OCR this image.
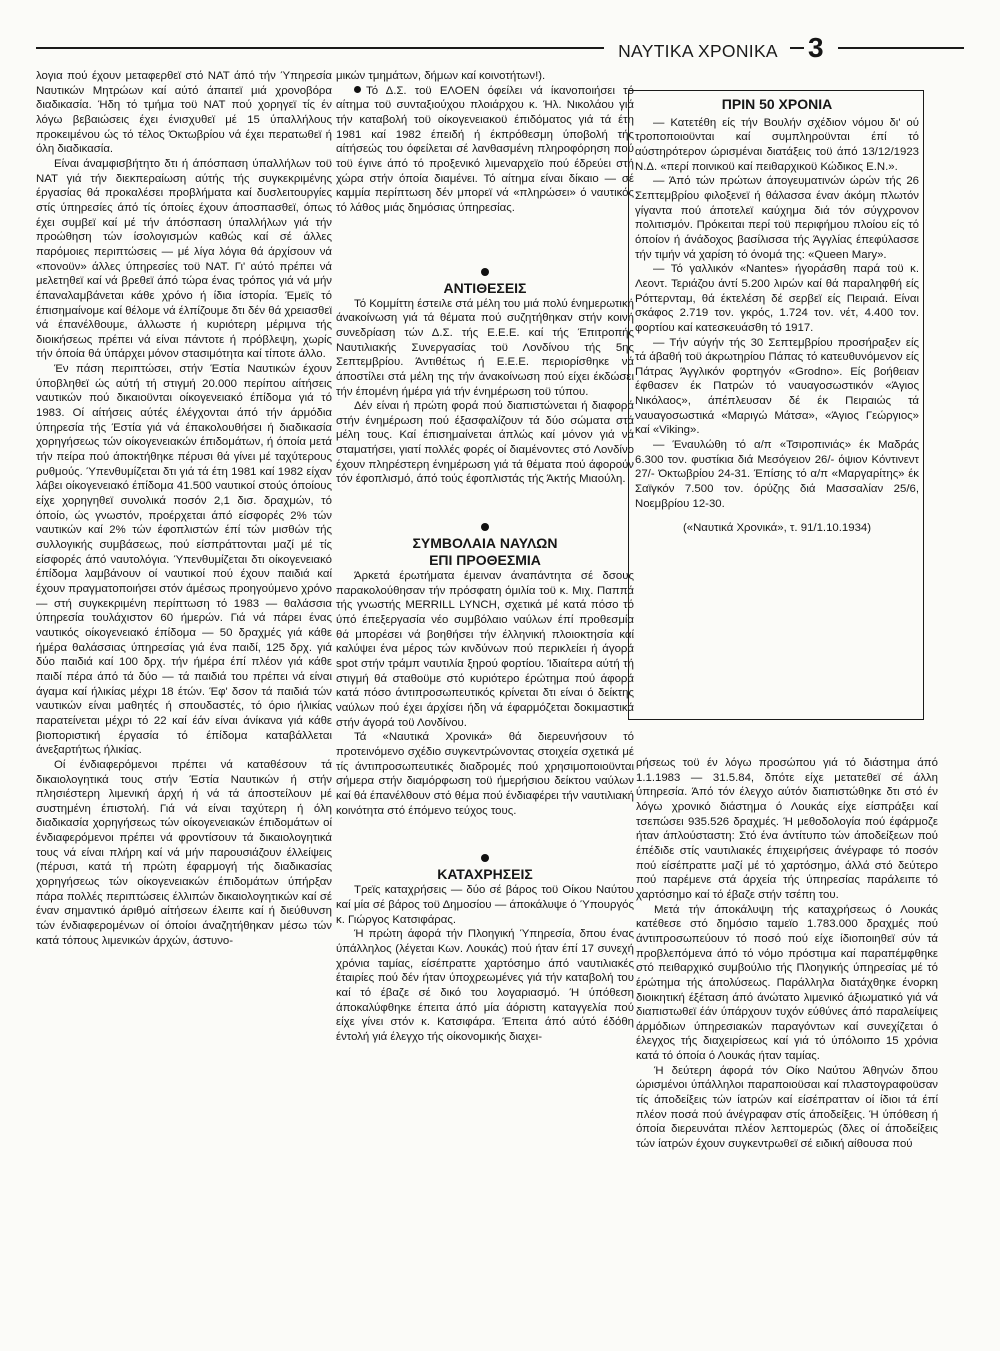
ΝΑΥΤΙΚΑ ΧΡΟΝΙΚΑ 3

λογια πού έχουν μεταφερθεϊ στό ΝΑΤ άπό τήν Ύπηρεσία Ναυτικών Μητρώων καί αύτό άπαιτεϊ μιά χρονοβόρα διαδικασία. Ήδη τό τμήμα τοϋ ΝΑΤ πού χορηγεϊ τίς έν λόγω βεβαιώσεις έχει ένισχυθεϊ μέ 15 ύπαλλήλους προκειμένου ώς τό τέλος Όκτωβρίου νά έχει περατωθεϊ ή όλη διαδικασία.

Είναι άναμφισβήτητο δτι ή άπόσπαση ύπαλλήλων τοϋ ΝΑΤ γιά τήν διεκπεραίωση αύτής τής συγκεκριμένης έργασίας θά προκαλέσει προβλήματα καί δυσλειτουργίες στίς ύπηρεσίες άπό τίς όποίες έχουν άποσπασθεϊ, όπως έχει συμβεϊ καί μέ τήν άπόσπαση ύπαλλήλων γιά τήν προώθηση τών ίσολογισμών καθώς καί σέ άλλες παρόμοιες περιπτώσεις — μέ λίγα λόγια θά άρχίσουν νά «πονοϋν» άλλες ύπηρεσίες τοϋ ΝΑΤ. Γι' αύτό πρέπει νά μελετηθεϊ καί νά βρεθεϊ άπό τώρα ένας τρόπος γιά νά μήν έπαναλαμβάνεται κάθε χρόνο ή ίδια ίστορία. Έμεϊς τό έπισημαίνομε καί θέλομε νά έλπίζουμε δτι δέν θά χρειασθεϊ νά έπανέλθουμε, άλλωστε ή κυριότερη μέριμνα τής διοικήσεως πρέπει νά είναι πάντοτε ή πρόβλεψη, χωρίς τήν όποία θά ύπάρχει μόνον στασιμότητα καί τίποτε άλλο.

Έν πάση περιπτώσει, στήν Έστία Ναυτικών έχουν ύποβληθεϊ ώς αύτή τή στιγμή 20.000 περίπου αίτήσεις ναυτικών πού δικαιοϋνται οίκογενειακό έπίδομα γιά τό 1983. Οί αίτήσεις αύτές έλέγχονται άπό τήν άρμόδια ύπηρεσία τής Έστία γιά νά έπακολουθήσει ή διαδικασία χορηγήσεως τών οίκογενειακών έπιδομάτων, ή όποία μετά τήν πείρα πού άποκτήθηκε πέρυσι θά γίνει μέ ταχύτερους ρυθμούς. Ύπενθυμίζεται δτι γιά τά έτη 1981 καί 1982 είχαν λάβει οίκογενειακό έπίδομα 41.500 ναυτικοί στούς όποίους είχε χορηγηθεϊ συνολικά ποσόν 2,1 δισ. δραχμών, τό όποίο, ώς γνωστόν, προέρχεται άπό είσφορές 2% τών ναυτικών καί 2% τών έφοπλιστών έπί τών μισθών τής συλλογικής συμβάσεως, πού είσπράττονται μαζί μέ τίς είσφορές άπό ναυτολόγια. Ύπενθυμίζεται δτι οίκογενειακό έπίδομα λαμβάνουν οί ναυτικοί πού έχουν παιδιά καί έχουν πραγματοποιήσει στόν άμέσως προηγούμενο χρόνο — στή συγκεκριμένη περίπτωση τό 1983 — θαλάσσια ύπηρεσία τουλάχιστον 60 ήμερών. Γιά νά πάρει ένας ναυτικός οίκογενειακό έπίδομα — 50 δραχμές γιά κάθε ήμέρα θαλάσσιας ύπηρεσίας γιά ένα παιδί, 125 δρχ. γιά δύο παιδιά καί 100 δρχ. τήν ήμέρα έπί πλέον γιά κάθε παιδί πέρα άπό τά δύο — τά παιδιά του πρέπει νά είναι άγαμα καί ήλικίας μέχρι 18 έτών. Έφ' δσον τά παιδιά τών ναυτικών είναι μαθητές ή σπουδαστές, τό όριο ήλικίας παρατείνεται μέχρι τό 22 καί έάν είναι άνίκανα γιά κάθε βιοποριστική έργασία τό έπίδομα καταβάλλεται άνεξαρτήτως ήλικίας.

Οί ένδιαφερόμενοι πρέπει νά καταθέσουν τά δικαιολογητικά τους στήν Έστία Ναυτικών ή στήν πλησιέστερη λιμενική άρχή ή νά τά άποστείλουν μέ συστημένη έπιστολή. Γιά νά είναι ταχύτερη ή όλη διαδικασία χορηγήσεως τών οίκογενειακών έπιδομάτων οί ένδιαφερόμενοι πρέπει νά φροντίσουν τά δικαιολογητικά τους νά είναι πλήρη καί νά μήν παρουσιάζουν έλλείψεις (πέρυσι, κατά τή πρώτη έφαρμογή τής διαδικασίας χορηγήσεως τών οίκογενειακών έπιδομάτων ύπήρξαν πάρα πολλές περιπτώσεις έλλιπών δικαιολογητικών καί σέ έναν σημαντικό άριθμό αίτήσεων έλειπε καί ή διεύθυνση τών ένδιαφερομένων οί όποίοι άναζητήθηκαν μέσω τών κατά τόπους λιμενικών άρχών, άστυνο-

μικών τμημάτων, δήμων καί κοινοτήτων!).

Τό Δ.Σ. τοϋ ΕΛΟΕΝ όφείλει νά ίκανοποιήσει τό αίτημα τοϋ συνταξιούχου πλοιάρχου κ. Ήλ. Νικολάου γιά τήν καταβολή τοϋ οίκογενειακοϋ έπιδόματος γιά τά έτη 1981 καί 1982 έπειδή ή έκπρόθεσμη ύποβολή τής αίτήσεώς του όφείλεται σέ λανθασμένη πληροφόρηση πού τοϋ έγινε άπό τό προξενικό λιμεναρχεϊο πού έδρεύει στή χώρα στήν όποία διαμένει. Τό αίτημα είναι δίκαιο — σέ καμμία περίπτωση δέν μπορεϊ νά «πληρώσει» ό ναυτικός τό λάθος μιάς δημόσιας ύπηρεσίας.

ΑΝΤΙΘΕΣΕΙΣ

Τό Κομμίττη έστειλε στά μέλη του μιά πολύ ένημερωτική άνακοίνωση γιά τά θέματα πού συζητήθηκαν στήν κοινή συνεδρίαση τών Δ.Σ. τής Ε.Ε.Ε. καί τής Έπιτροπής Ναυτιλιακής Συνεργασίας τοϋ Λονδίνου τής 5ης Σεπτεμβρίου. Άντιθέτως ή Ε.Ε.Ε. περιορίσθηκε νά άποστίλει στά μέλη της τήν άνακοίνωση πού είχει έκδώσει τήν έπομένη ήμέρα γιά τήν ένημέρωση τοϋ τύπου.

Δέν είναι ή πρώτη φορά πού διαπιστώνεται ή διαφορά στήν ένημέρωση πού έξασφαλίζουν τά δύο σώματα στά μέλη τους. Καί έπισημαίνεται άπλώς καί μόνον γιά νά σταματήσει, γιατί πολλές φορές οί διαμένοντες στό Λονδίνο έχουν πληρέστερη ένημέρωση γιά τά θέματα πού άφορούν τόν έφοπλισμό, άπό τούς έφοπλιστάς τής Άκτής Μιαούλη.

ΣΥΜΒΟΛΑΙΑ ΝΑΥΛΩΝ
ΕΠΙ ΠΡΟΘΕΣΜΙΑ

Άρκετά έρωτήματα έμειναν άναπάντητα σέ δσους παρακολούθησαν τήν πρόσφατη όμιλία τοϋ κ. Μιχ. Παππά τής γνωστής MERRILL LYNCH, σχετικά μέ κατά πόσο τό ύπό έπεξεργασία νέο συμβόλαιο ναύλων έπί προθεσμία θά μπορέσει νά βοηθήσει τήν έλληνική πλοιοκτησία καί καλύψει ένα μέρος τών κινδύνων πού περικλείει ή άγορά spot στήν τράμπ ναυτιλία ξηρού φορτίου. Ίδιαίτερα αύτή τή στιγμή θά σταθοϋμε στό κυριότερο έρώτημα πού άφορά κατά πόσο άντιπροσωπευτικός κρίνεται δτι είναι ό δείκτης ναύλων πού έχει άρχίσει ήδη νά έφαρμόζεται δοκιμαστικά στήν άγορά τοϋ Λονδίνου.

Τά «Ναυτικά Χρονικά» θά διερευνήσουν τό προτεινόμενο σχέδιο συγκεντρώνοντας στοιχεία σχετικά μέ τίς άντιπροσωπευτικές διαδρομές πού χρησιμοποιοϋνται σήμερα στήν διαμόρφωση τοϋ ήμερήσιου δείκτου ναύλων καί θά έπανέλθουν στό θέμα πού ένδιαφέρει τήν ναυτιλιακή κοινότητα στό έπόμενο τεύχος τους.

ΚΑΤΑΧΡΗΣΕΙΣ

Τρεϊς καταχρήσεις — δύο σέ βάρος τοϋ Οίκου Ναύτου καί μία σέ βάρος τοϋ Δημοσίου — άποκάλυψε ό Ύπουργός κ. Γιώργος Κατσιφάρας.

Ή πρώτη άφορά τήν Πλοηγική Ύπηρεσία, δπου ένας ύπάλληλος (λέγεται Κων. Λουκάς) πού ήταν έπί 17 συνεχή χρόνια ταμίας, είσέπραττε χαρτόσημο άπό ναυτιλιακές έταιρίες πού δέν ήταν ύποχρεωμένες γιά τήν καταβολή του καί τό έβαζε σέ δικό του λογαριασμό. Ή ύπόθεση άποκαλύφθηκε έπειτα άπό μία άόριστη καταγγελία πού είχε γίνει στόν κ. Κατσιφάρα. Έπειτα άπό αύτό έδόθη έντολή γιά έλεγχο τής οίκονομικής διαχει-

ΠΡΙΝ 50 ΧΡΟΝΙΑ

— Κατετέθη είς τήν Βουλήν σχέδιον νόμου δι' ού τροποποιοϋνται καί συμπληροϋνται έπί τό αύστηρότερον ώρισμέναι διατάξεις τοϋ άπό 13/12/1923 Ν.Δ. «περί ποινικοϋ καί πειθαρχικοϋ Κώδικος Ε.Ν.».

— Άπό τών πρώτων άπογευματινών ώρών τής 26 Σεπτεμβρίου φιλοξενεϊ ή θάλασσα έναν άκόμη πλωτόν γίγαντα πού άποτελεϊ καύχημα διά τόν σύγχρονον πολιτισμόν. Πρόκειται περί τοϋ περιφήμου πλοίου είς τό όποίον ή άνάδοχος βασίλισσα τής Άγγλίας έπεφύλασσε τήν τιμήν νά χαρίση τό όνομά της: «Queen Mary».

— Τό γαλλικόν «Nantes» ήγοράσθη παρά τοϋ κ. Λεοντ. Τεριάζου άντί 5.200 λιρών καί θά παραληφθή είς Ρόττερνταμ, θά έκτελέση δέ σερβεϊ είς Πειραιά. Είναι σκάφος 2.719 τον. γκρός, 1.724 τον. νέτ, 4.400 τον. φορτίου καί κατεσκευάσθη τό 1917.

— Τήν αύγήν τής 30 Σεπτεμβρίου προσήραξεν είς τά άβαθή τοϋ άκρωτηρίου Πάπας τό κατευθυνόμενον είς Πάτρας Άγγλικόν φορτηγόν «Grodno». Είς βοήθειαν έφθασεν έκ Πατρών τό ναυαγοσωστικόν «Άγιος Νικόλαος», άπέπλευσαν δέ έκ Πειραιώς τά ναυαγοσωστικά «Μαριγώ Μάτσα», «Άγιος Γεώργιος» καί «Viking».

— Έναυλώθη τό α/π «Τσιροπινιάς» έκ Μαδράς 6.300 τον. φυστίκια διά Μεσόγειον 26/- όψιον Κόντινεντ 27/- Όκτωβρίου 24-31. Έπίσης τό α/π «Μαργαρίτης» έκ Σαϊγκόν 7.500 τον. όρύζης διά Μασσαλίαν 25/6, Νοεμβρίου 12-30.

(«Ναυτικά Χρονικά», τ. 91/1.10.1934)

ρήσεως τοϋ έν λόγω προσώπου γιά τό διάστημα άπό 1.1.1983 — 31.5.84, δπότε είχε μετατεθεϊ σέ άλλη ύπηρεσία. Άπό τόν έλεγχο αύτόν διαπιστώθηκε δτι στό έν λόγω χρονικό διάστημα ό Λουκάς είχε είσπράξει καί τσεπώσει 935.526 δραχμές. Ή μεθοδολογία πού έφάρμοζε ήταν άπλούσταστη: Στό ένα άντίτυπο τών άποδείξεων πού έπέδιδε στίς ναυτιλιακές έπιχειρήσεις άνέγραφε τό ποσόν πού είσέπραττε μαζί μέ τό χαρτόσημο, άλλά στό δεύτερο πού παρέμενε στά άρχεία τής ύπηρεσίας παράλειπε τό χαρτόσημο καί τό έβαζε στήν τσέπη του.

Μετά τήν άποκάλυψη τής καταχρήσεως ό Λουκάς κατέθεσε στό δημόσιο ταμεϊο 1.783.000 δραχμές πού άντιπροσωπεύουν τό ποσό πού είχε ίδιοποιηθεϊ σύν τά προβλεπόμενα άπό τό νόμο πρόστιμα καί παραπέμφθηκε στό πειθαρχικό συμβούλιο τής Πλοηγικής ύπηρεσίας μέ τό έρώτημα τής άπολύσεως. Παράλληλα διατάχθηκε ένορκη διοικητική έξέταση άπό άνώτατο λιμενικό άξιωματικό γιά νά διαπιστωθεϊ έάν ύπάρχουν τυχόν εύθύνες άπό παραλείψεις άρμόδιων ύπηρεσιακών παραγόντων καί συνεχίζεται ό έλεγχος τής διαχειρίσεως καί γιά τό ύπόλοιπο 15 χρόνια κατά τό όποία ό Λουκάς ήταν ταμίας.

Ή δεύτερη άφορά τόν Οίκο Ναύτου Άθηνών δπου ώρισμένοι ύπάλληλοι παραποιοϋσαι καί πλαστογραφοϋσαν τίς άποδείξεις τών ίατρών καί είσέπρατταν οί ίδιοι τά έπί πλέον ποσά πού άνέγραφαν στίς άποδείξεις. Ή ύπόθεση ή όποία διερευνάται πλέον λεπτομερώς (δλες οί άποδείξεις τών ίατρών έχουν συγκεντρωθεϊ σέ ειδική αίθουσα πού
